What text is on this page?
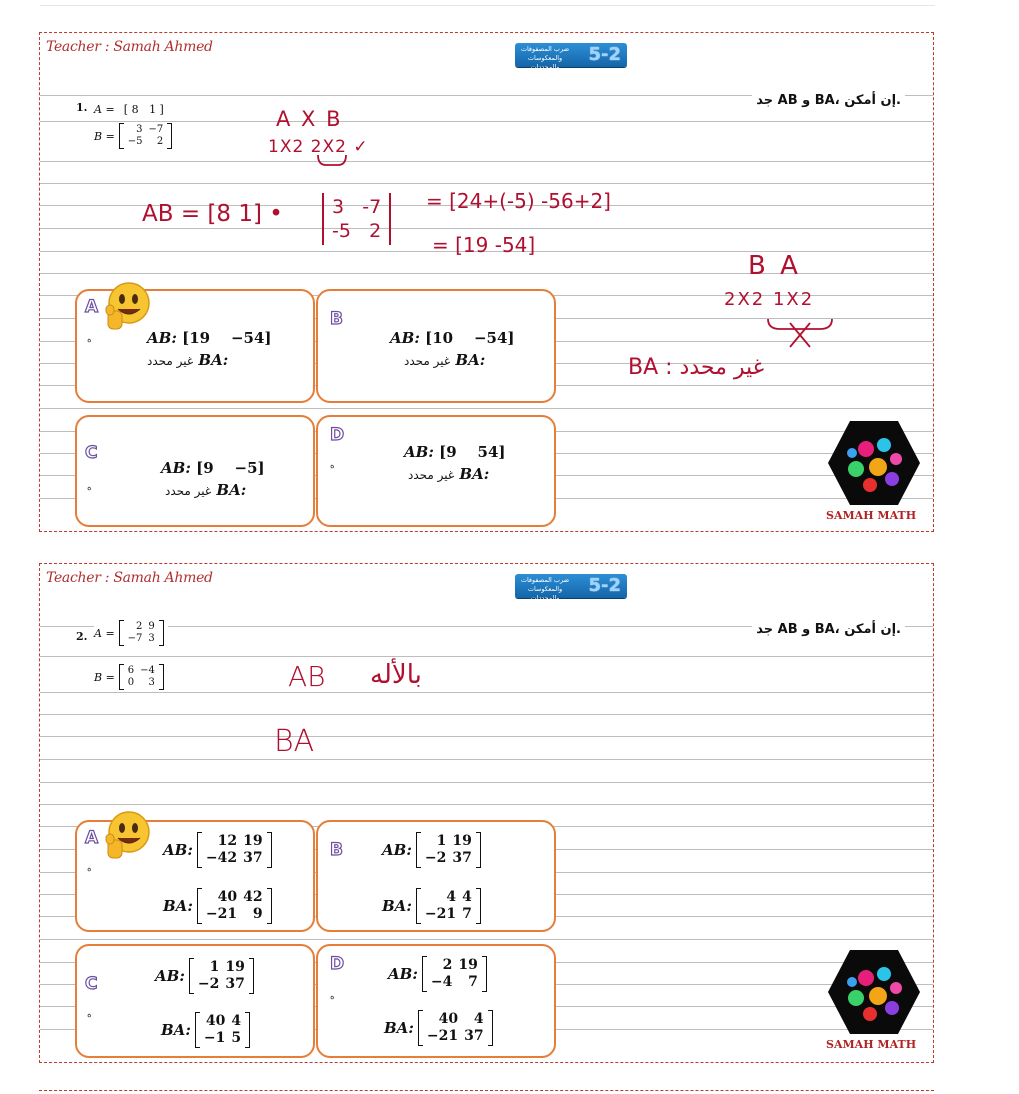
Teacher : Samah Ahmed	ضرب المصفوفات والمعكوسات والمحددات
5-2
جد AB و BA، إن أمكن.
1. A = [ 8 1 ]
B =	3 −7
−5	2
A X B
1X2 2X2 ✓
AB = [8 1] •	3 -7
-5 2
= [24+(-5) -56+2]
= [19 -54]
B A
2X2 1X2
BA : غير محدد
A
ه	AB: [19 −54]
غير محدد BA:
B
AB: [10 −54]
غير محدد BA:
C
ه
AB: [9 −5]
غير محدد BA:
D
ه
AB: [9 54]
غير محدد BA:
SAMAH MATH
Teacher : Samah Ahmed	ضرب المصفوفات والمعكوسات والمحددات
5-2
جد AB و BA، إن أمكن.
2. A =	2 9
−7 3
B =	6 −4
0	3	AB بالأله
BA
A
ه
AB:	12 19
−42 37
BA:	40 42
−21	9
B	AB:	1 19
−2 37
BA:	4 4
−21 7
C
ه
AB:	1 19
−2 37
BA:	40 4
−1 5
D
ه
AB:	2 19
−4	7
BA:	40	4
−21 37
SAMAH MATH
